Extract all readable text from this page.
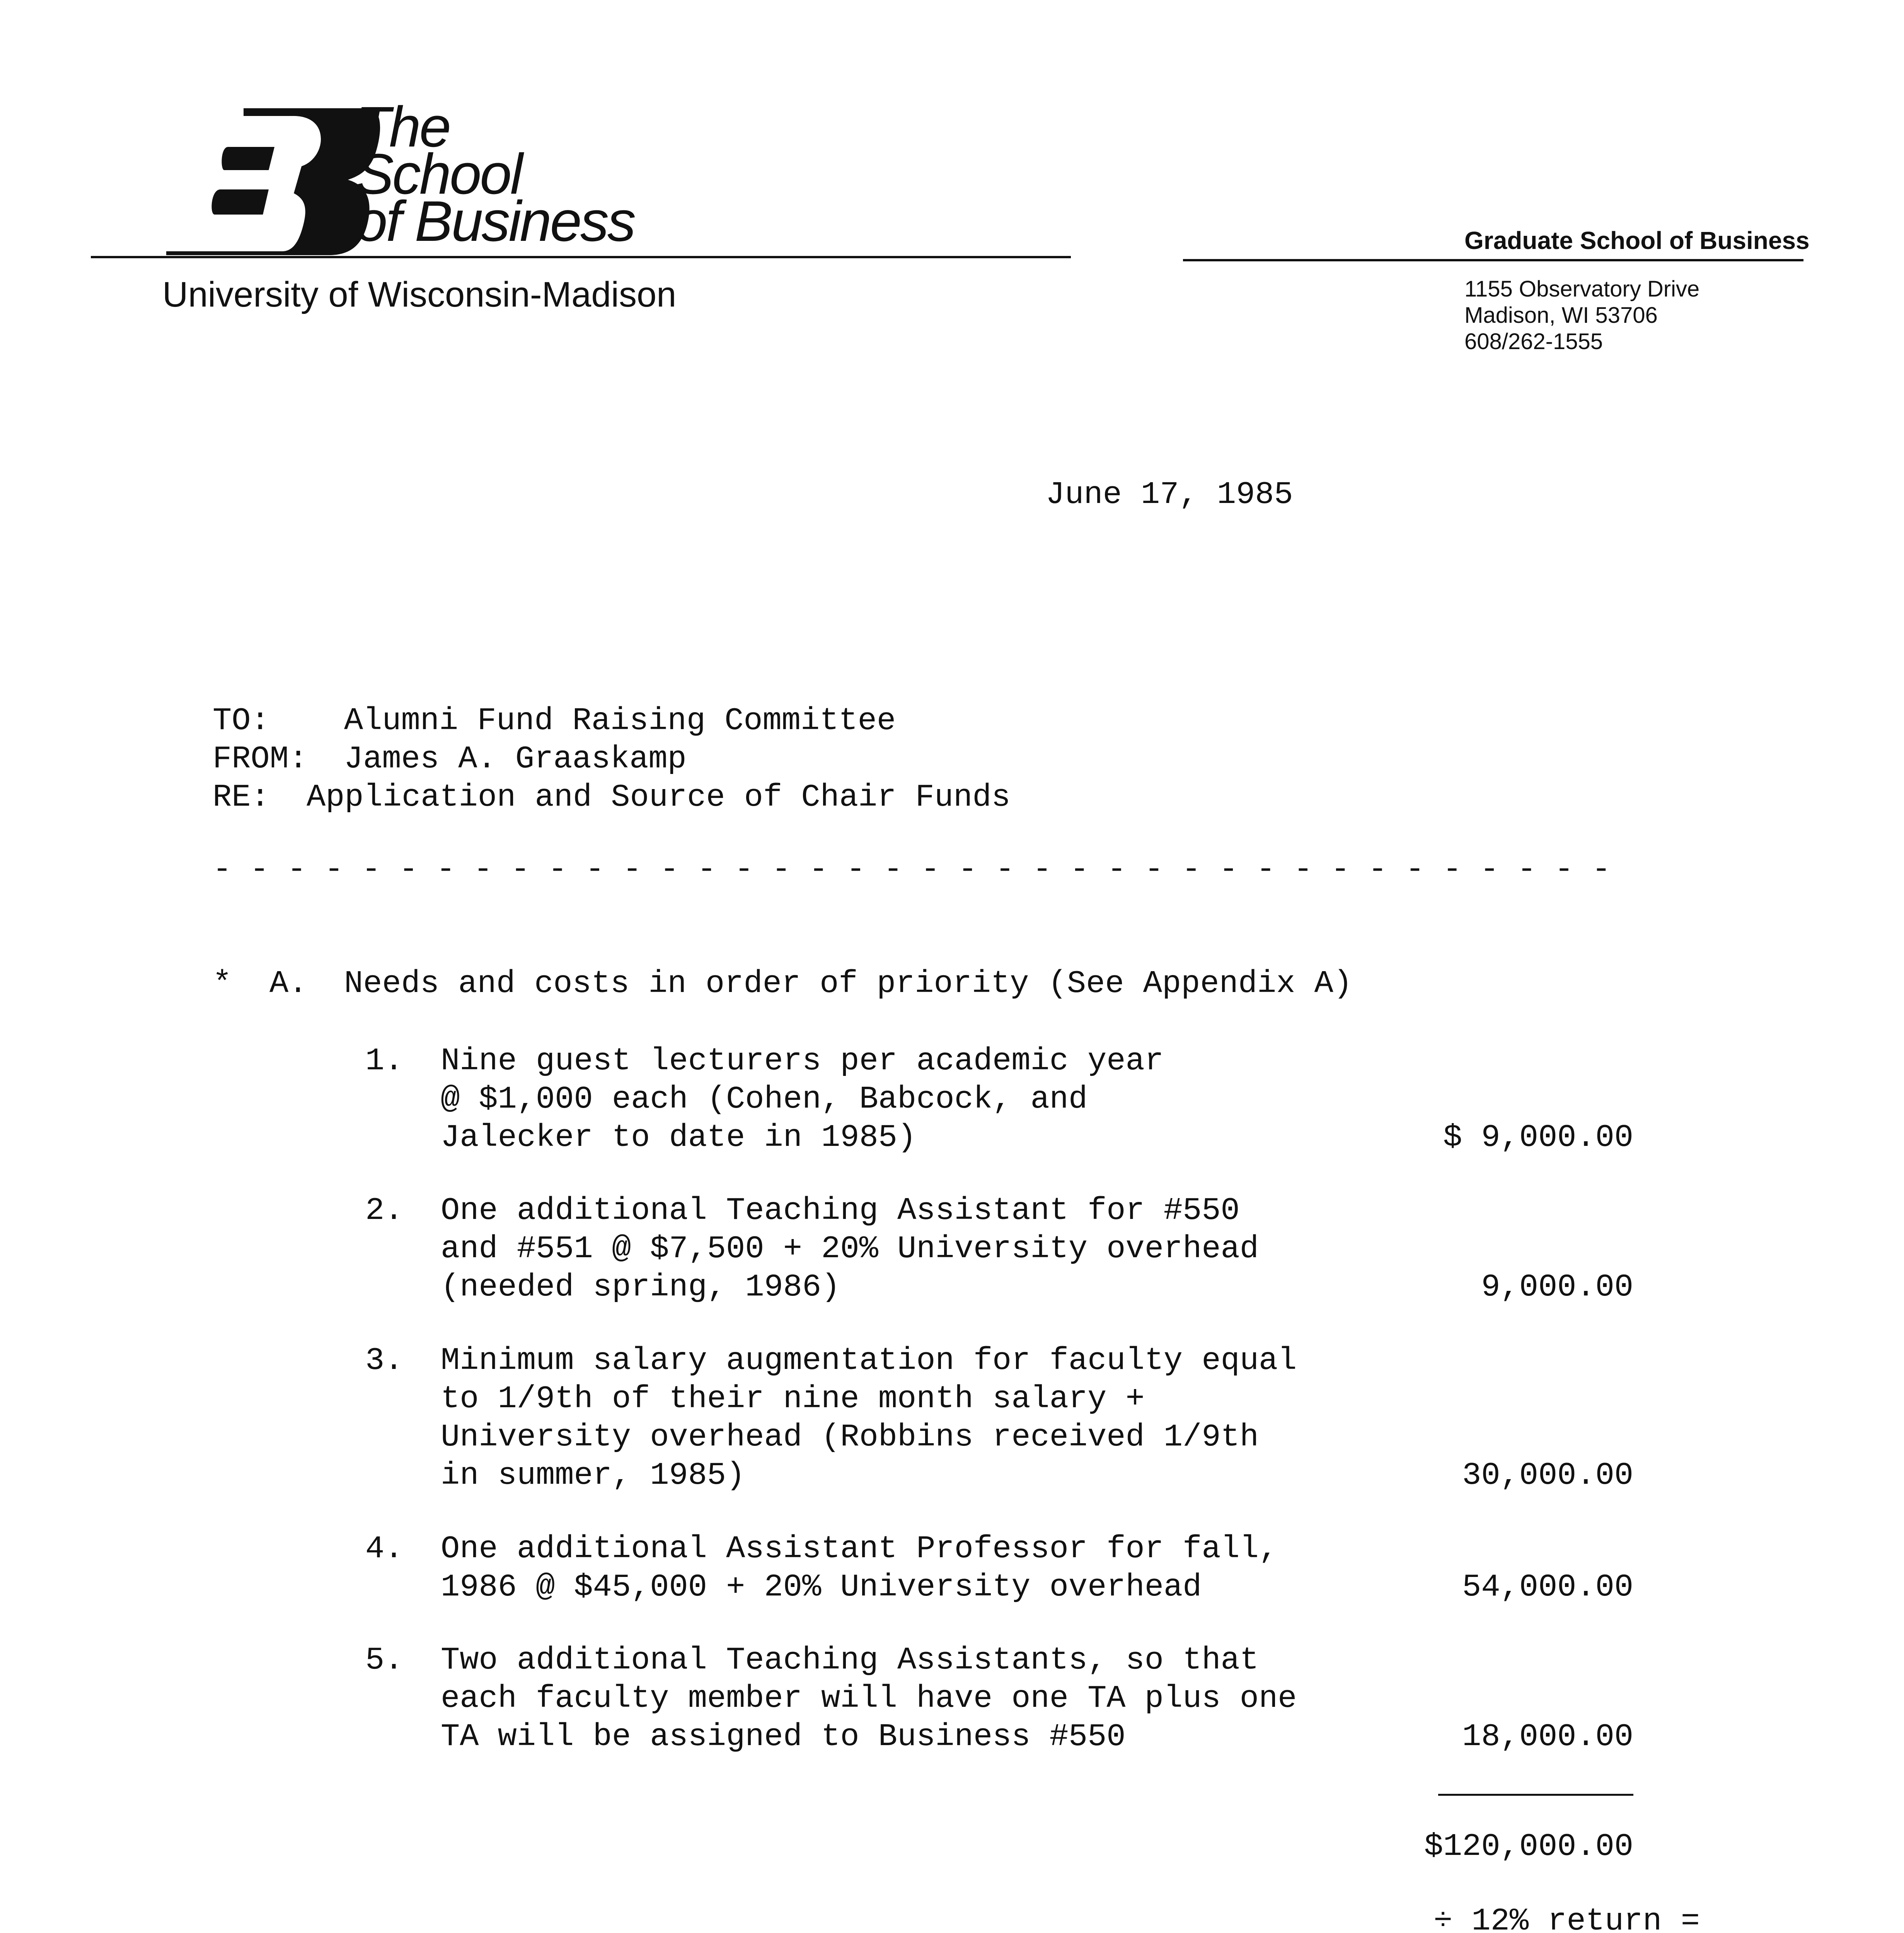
The
School
of Business
University of Wisconsin-Madison
Graduate School of Business
1155 Observatory Drive
Madison, WI 53706
608/262-1555
June 17, 1985
TO: Alumni Fund Raising Committee
FROM: James A. Graaskamp
RE: Application and Source of Chair Funds
- - - - - - - - - - - - - - - - - - - - - - - - - - - - - - - - - - - - - -
* A. Needs and costs in order of priority (See Appendix A)
1. Nine guest lecturers per academic year
@ $1,000 each (Cohen, Babcock, and
Jalecker to date in 1985)	$ 9,000.00
2. One additional Teaching Assistant for #550
and #551 @ $7,500 + 20% University overhead
(needed spring, 1986)	9,000.00
3. Minimum salary augmentation for faculty equal
to 1/9th of their nine month salary +
University overhead (Robbins received 1/9th
in summer, 1985)	30,000.00
4. One additional Assistant Professor for fall,
1986 @ $45,000 + 20% University overhead	54,000.00
5. Two additional Teaching Assistants, so that
each faculty member will have one TA plus one
TA will be assigned to Business #550	18,000.00
$120,000.00
÷ 12% return =
